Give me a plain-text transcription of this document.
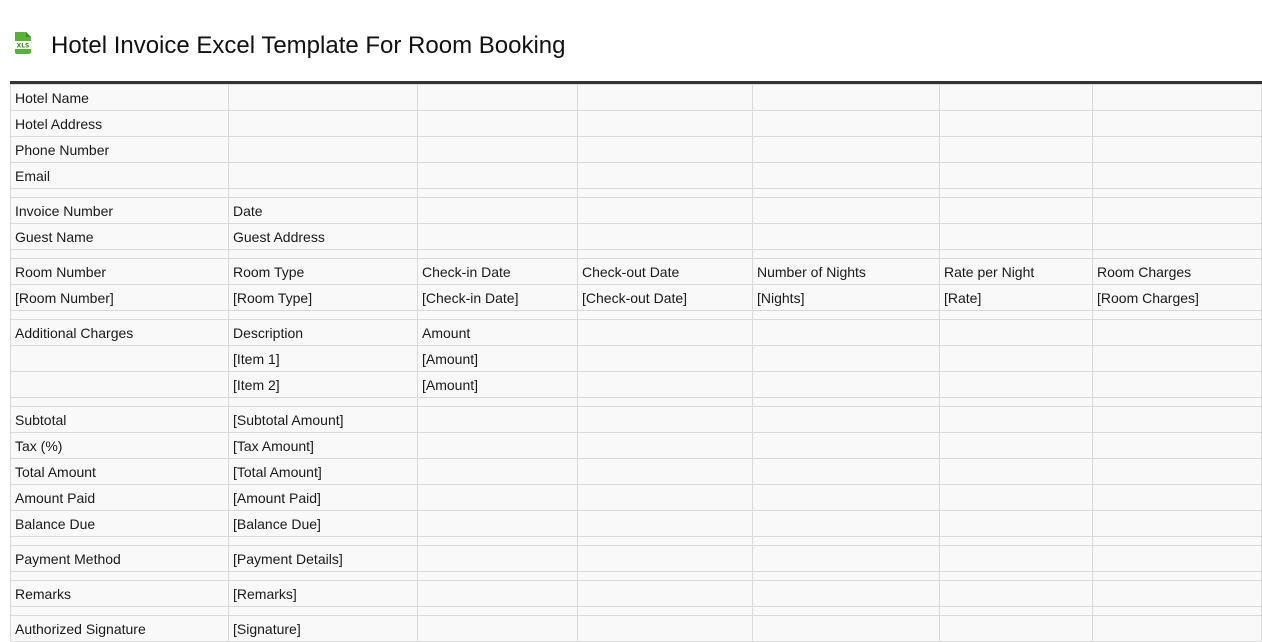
XLS Hotel Invoice Excel Template For Room Booking
Hotel Name						
Hotel Address						
Phone Number						
Email						

Invoice Number	Date					
Guest Name	Guest Address					

Room Number	Room Type	Check-in Date	Check-out Date	Number of Nights	Rate per Night	Room Charges
[Room Number]	[Room Type]	[Check-in Date]	[Check-out Date]	[Nights]	[Rate]	[Room Charges]

Additional Charges	Description	Amount				
	[Item 1]	[Amount]				
	[Item 2]	[Amount]				

Subtotal	[Subtotal Amount]					
Tax (%)	[Tax Amount]					
Total Amount	[Total Amount]					
Amount Paid	[Amount Paid]					
Balance Due	[Balance Due]					

Payment Method	[Payment Details]					

Remarks	[Remarks]					

Authorized Signature	[Signature]					
